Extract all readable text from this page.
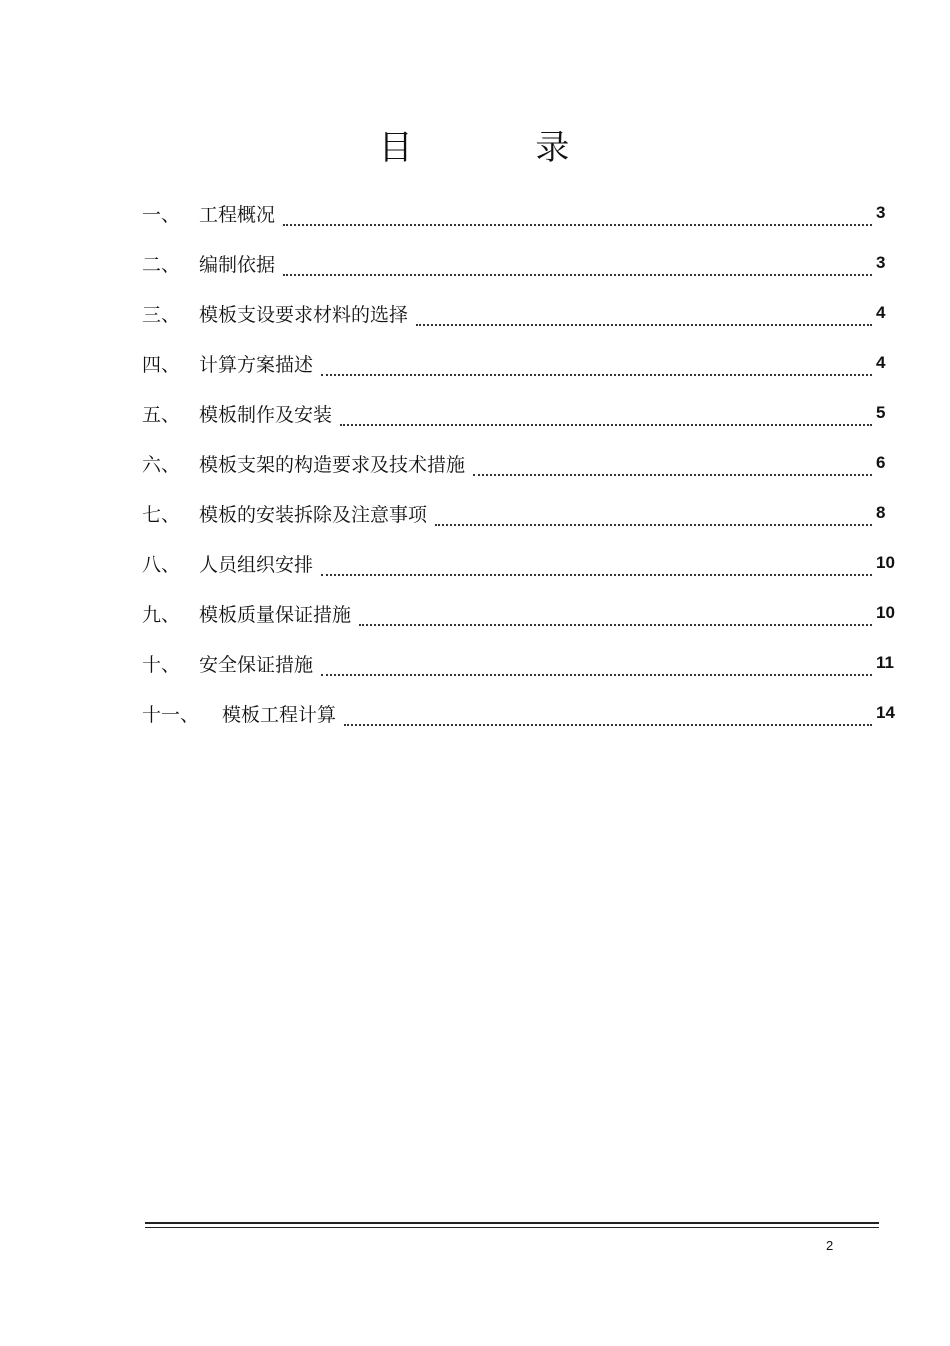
目	录
一、 工程概况	3
二、 编制依据	3
三、 模板支设要求材料的选择	4
四、 计算方案描述	4
五、 模板制作及安装	5
六、 模板支架的构造要求及技术措施	6
七、 模板的安装拆除及注意事项	8
八、 人员组织安排	10
九、 模板质量保证措施	10
十、 安全保证措施	11
十一、	模板工程计算	14
2
